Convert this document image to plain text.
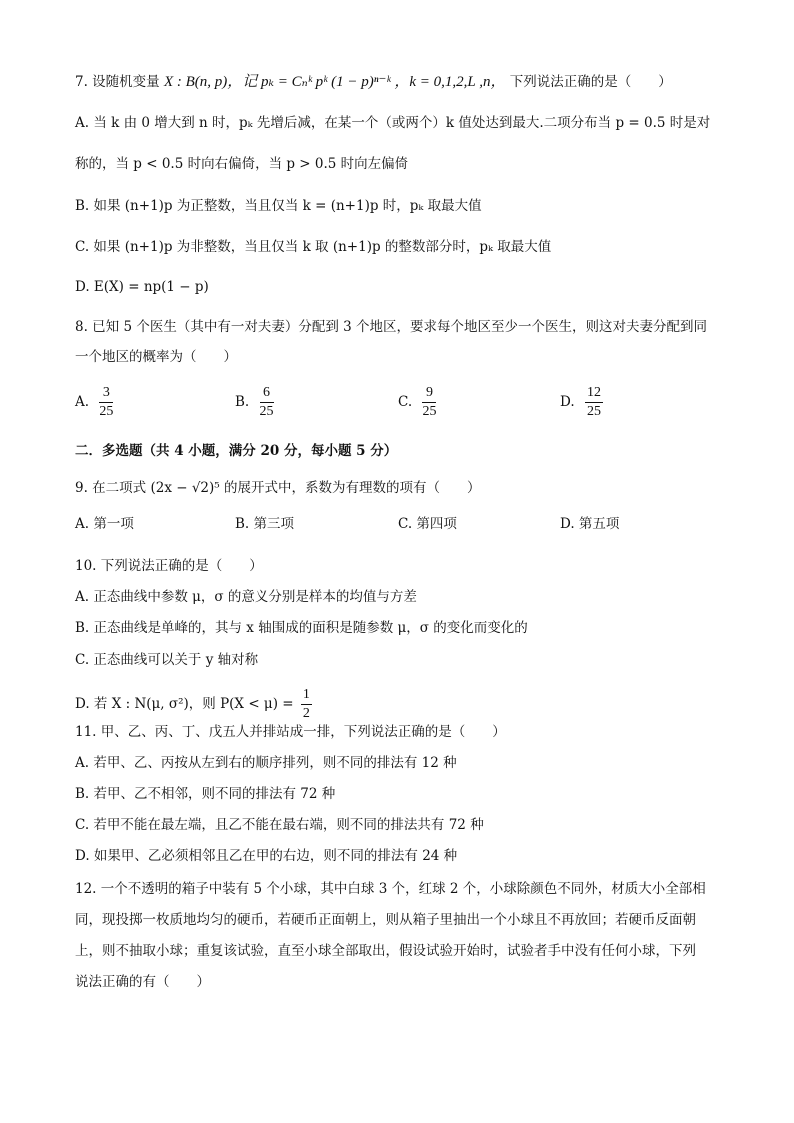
7. 设随机变量 X : B(n, p)，记 pₖ = Cₙᵏ pᵏ (1 − p)ⁿ⁻ᵏ ，k = 0,1,2,L ,n， 下列说法正确的是（　　）
A. 当 k 由 0 增大到 n 时，pₖ 先增后减，在某一个（或两个）k 值处达到最大.二项分布当 p = 0.5 时是对
称的，当 p < 0.5 时向右偏倚，当 p > 0.5 时向左偏倚
B. 如果 (n+1)p 为正整数，当且仅当 k = (n+1)p 时，pₖ 取最大值
C. 如果 (n+1)p 为非整数，当且仅当 k 取 (n+1)p 的整数部分时，pₖ 取最大值
D. E(X) = np(1 − p)
8. 已知 5 个医生（其中有一对夫妻）分配到 3 个地区，要求每个地区至少一个医生，则这对夫妻分配到同
一个地区的概率为（　　）
A. $\frac{3}{25}$	B. $\frac{6}{25}$	C. $\frac{9}{25}$	D. $\frac{12}{25}$
二．多选题（共 4 小题，满分 20 分，每小题 5 分）
9. 在二项式 (2x − √2)⁵ 的展开式中，系数为有理数的项有（　　）
A. 第一项	B. 第三项	C. 第四项	D. 第五项
10. 下列说法正确的是（　　）
A. 正态曲线中参数 μ，σ 的意义分别是样本的均值与方差
B. 正态曲线是单峰的，其与 x 轴围成的面积是随参数 μ，σ 的变化而变化的
C. 正态曲线可以关于 y 轴对称
D. 若 X : N(μ, σ²)，则 $P(X < \mu) = \frac{1}{2}$
11. 甲、乙、丙、丁、戊五人并排站成一排，下列说法正确的是（　　）
A. 若甲、乙、丙按从左到右的顺序排列，则不同的排法有 12 种
B. 若甲、乙不相邻，则不同的排法有 72 种
C. 若甲不能在最左端，且乙不能在最右端，则不同的排法共有 72 种
D. 如果甲、乙必须相邻且乙在甲的右边，则不同的排法有 24 种
12. 一个不透明的箱子中装有 5 个小球，其中白球 3 个，红球 2 个，小球除颜色不同外，材质大小全部相
同，现投掷一枚质地均匀的硬币，若硬币正面朝上，则从箱子里抽出一个小球且不再放回；若硬币反面朝
上，则不抽取小球；重复该试验，直至小球全部取出，假设试验开始时，试验者手中没有任何小球，下列
说法正确的有（　　）
